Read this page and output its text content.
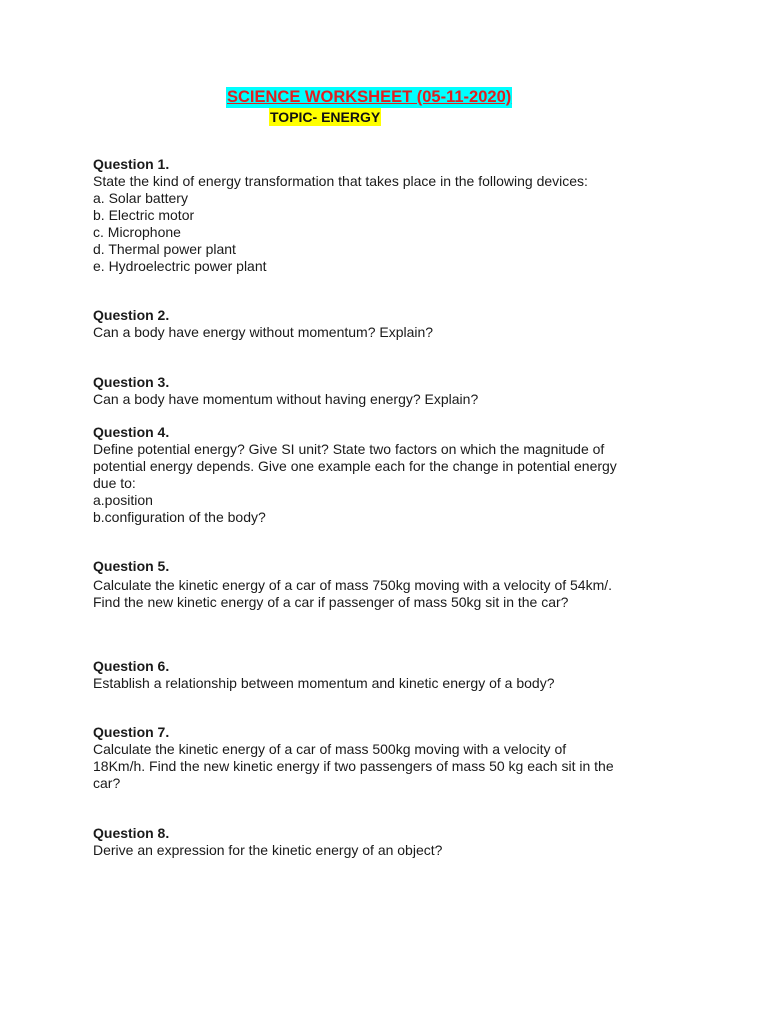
SCIENCE WORKSHEET (05-11-2020)
TOPIC- ENERGY
Question 1.
State the kind of energy transformation that takes place in the following devices:
a. Solar battery
b. Electric motor
c. Microphone
d. Thermal power plant
e. Hydroelectric power plant
Question 2.
Can a body have energy without momentum? Explain?
Question 3.
Can a body have momentum without having energy? Explain?
Question 4.
Define potential energy? Give SI unit? State two factors on which the magnitude of
potential energy depends. Give one example each for the change in potential energy
due to:
a.position
b.configuration of the body?
Question 5.
Calculate the kinetic energy of a car of mass 750kg moving with a velocity of 54km/.
Find the new kinetic energy of a car if passenger of mass 50kg sit in the car?
Question 6.
Establish a relationship between momentum and kinetic energy of a body?
Question 7.
Calculate the kinetic energy of a car of mass 500kg moving with a velocity of
18Km/h. Find the new kinetic energy if two passengers of mass 50 kg each sit in the
car?
Question 8.
Derive an expression for the kinetic energy of an object?
